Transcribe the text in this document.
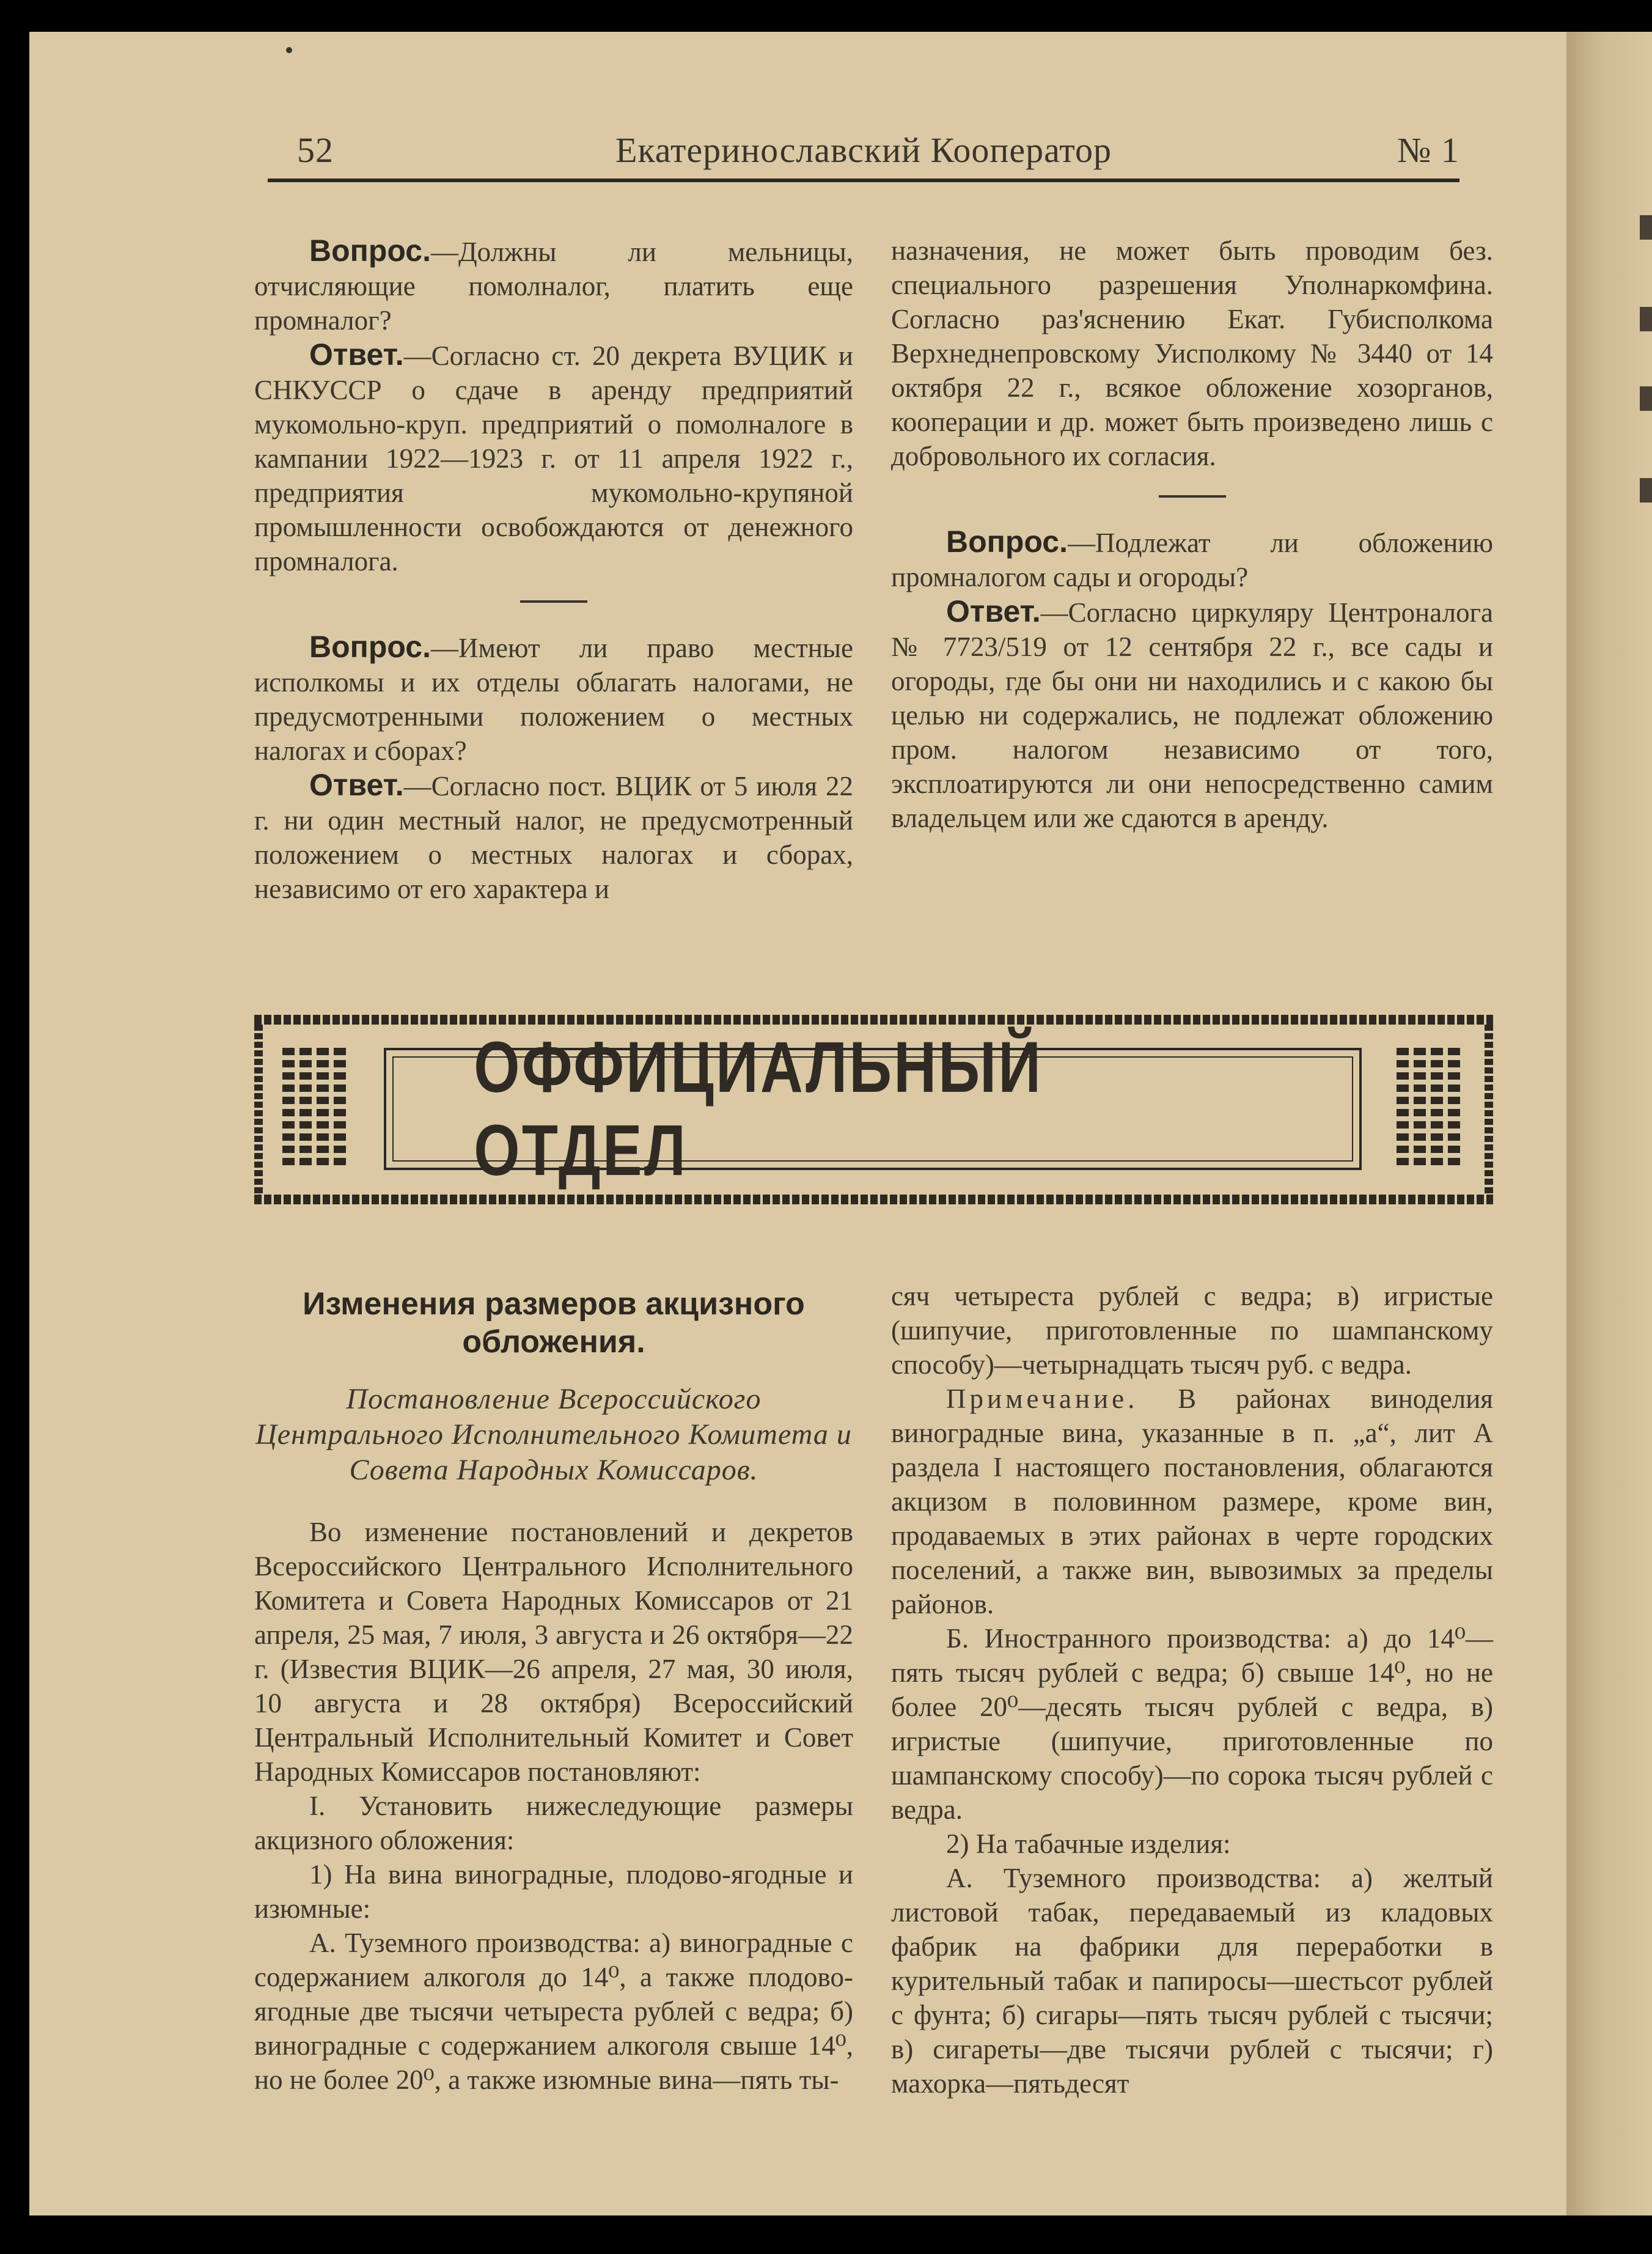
52	Екатеринославский Кооператор	№ 1

Вопрос.—Должны ли мельницы, отчисляющие помолналог, платить еще промналог?

Ответ.—Согласно ст. 20 декрета ВУЦИК и СНКУССР о сдаче в аренду предприятий мукомольно-круп. предприятий о помолналоге в кампании 1922—1923 г. от 11 апреля 1922 г., предприятия мукомольно-крупяной промышленности освобождаются от денежного промналога.

Вопрос.—Имеют ли право местные исполкомы и их отделы облагать налогами, не предусмотренными положением о местных налогах и сборах?

Ответ.—Согласно пост. ВЦИК от 5 июля 22 г. ни один местный налог, не предусмотренный положением о местных налогах и сборах, независимо от его характера и

назначения, не может быть проводим без. специального разрешения Уполнаркомфина. Согласно раз'яснению Екат. Губисполкома Верхнеднепровскому Уисполкому № 3440 от 14 октября 22 г., всякое обложение хозорганов, кооперации и др. может быть произведено лишь с добровольного их согласия.

Вопрос.—Подлежат ли обложению промналогом сады и огороды?

Ответ.—Согласно циркуляру Центроналога № 7723/519 от 12 сентября 22 г., все сады и огороды, где бы они ни находились и с какою бы целью ни содержались, не подлежат обложению пром. налогом независимо от того, эксплоатируются ли они непосредственно самим владельцем или же сдаются в аренду.

ОФФИЦИАЛЬНЫЙ ОТДЕЛ
Изменения размеров акцизного обложения.
Постановление Всероссийского Центрального Исполнительного Комитета и Совета Народных Комиссаров.

Во изменение постановлений и декретов Всероссийского Центрального Исполнительного Комитета и Совета Народных Комиссаров от 21 апреля, 25 мая, 7 июля, 3 августа и 26 октября—22 г. (Известия ВЦИК—26 апреля, 27 мая, 30 июля, 10 августа и 28 октября) Всероссийский Центральный Исполнительный Комитет и Совет Народных Комиссаров постановляют:

I. Установить нижеследующие размеры акцизного обложения:

1) На вина виноградные, плодово-ягодные и изюмные:

А. Туземного производства: а) виноградные с содержанием алкоголя до 14⁰, а также плодово-ягодные две тысячи четыреста рублей с ведра; б) виноградные с содержанием алкоголя свыше 14⁰, но не более 20⁰, а также изюмные вина—пять ты-

сяч четыреста рублей с ведра; в) игристые (шипучие, приготовленные по шампанскому способу)—четырнадцать тысяч руб. с ведра.

Примечание. В районах виноделия виноградные вина, указанные в п. „а“, лит А раздела I настоящего постановления, облагаются акцизом в половинном размере, кроме вин, продаваемых в этих районах в черте городских поселений, а также вин, вывозимых за пределы районов.

Б. Иностранного производства: а) до 14⁰—пять тысяч рублей с ведра; б) свыше 14⁰, но не более 20⁰—десять тысяч рублей с ведра, в) игристые (шипучие, приготовленные по шампанскому способу)—по сорока тысяч рублей с ведра.

2) На табачные изделия:

А. Туземного производства: а) желтый листовой табак, передаваемый из кладовых фабрик на фабрики для переработки в курительный табак и папиросы—шестьсот рублей с фунта; б) сигары—пять тысяч рублей с тысячи; в) сигареты—две тысячи рублей с тысячи; г) махорка—пятьдесят
